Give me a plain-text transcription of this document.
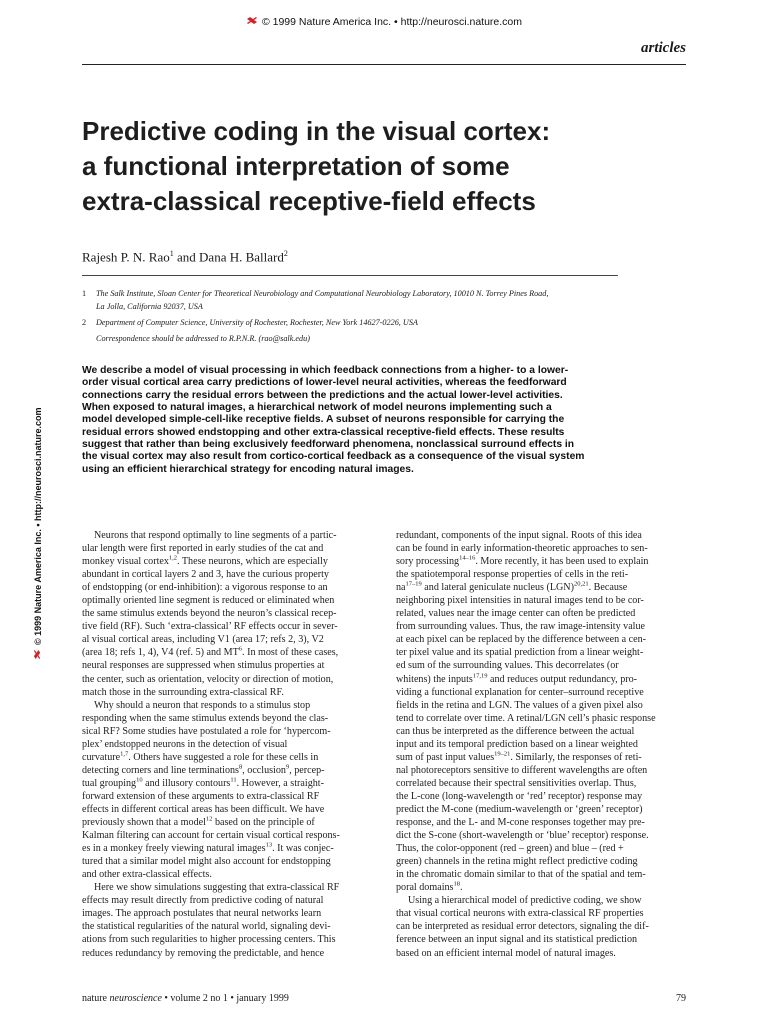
© 1999 Nature America Inc. • http://neurosci.nature.com
articles
Predictive coding in the visual cortex:
a functional interpretation of some
extra-classical receptive-field effects
Rajesh P. N. Rao$^1$ and Dana H. Ballard$^2$
1 The Salk Institute, Sloan Center for Theoretical Neurobiology and Computational Neurobiology Laboratory, 10010 N. Torrey Pines Road,
La Jolla, California 92037, USA
2 Department of Computer Science, University of Rochester, Rochester, New York 14627-0226, USA
Correspondence should be addressed to R.P.N.R. (rao@salk.edu)
We describe a model of visual processing in which feedback connections from a higher- to a lower-
order visual cortical area carry predictions of lower-level neural activities, whereas the feedforward
connections carry the residual errors between the predictions and the actual lower-level activities.
When exposed to natural images, a hierarchical network of model neurons implementing such a
model developed simple-cell-like receptive fields. A subset of neurons responsible for carrying the
residual errors showed endstopping and other extra-classical receptive-field effects. These results
suggest that rather than being exclusively feedforward phenomena, nonclassical surround effects in
the visual cortex may also result from cortico-cortical feedback as a consequence of the visual system
using an efficient hierarchical strategy for encoding natural images.
Neurons that respond optimally to line segments of a partic-
ular length were first reported in early studies of the cat and
monkey visual cortex$^{1,2}$. These neurons, which are especially
abundant in cortical layers 2 and 3, have the curious property
of endstopping (or end-inhibition): a vigorous response to an
optimally oriented line segment is reduced or eliminated when
the same stimulus extends beyond the neuron’s classical recep-
tive field (RF). Such ‘extra-classical’ RF effects occur in sever-
al visual cortical areas, including V1 (area 17; refs 2, 3), V2
(area 18; refs 1, 4), V4 (ref. 5) and $MT^6$. In most of these cases,
neural responses are suppressed when stimulus properties at
the center, such as orientation, velocity or direction of motion,
match those in the surrounding extra-classical RF.
Why should a neuron that responds to a stimulus stop
responding when the same stimulus extends beyond the clas-
sical RF? Some studies have postulated a role for ‘hypercom-
plex’ endstopped neurons in the detection of visual
curvature$^{1,7}$. Others have suggested a role for these cells in
detecting corners and line terminations$^8$, occlusion$^9$, percep-
tual grouping$^{10}$ and illusory contours$^{11}$. However, a straight-
forward extension of these arguments to extra-classical RF
effects in different cortical areas has been difficult. We have
previously shown that a model$^{12}$ based on the principle of
Kalman filtering can account for certain visual cortical respons-
es in a monkey freely viewing natural images$^{13}$. It was conjec-
tured that a similar model might also account for endstopping
and other extra-classical effects.
Here we show simulations suggesting that extra-classical RF
effects may result directly from predictive coding of natural
images. The approach postulates that neural networks learn
the statistical regularities of the natural world, signaling devi-
ations from such regularities to higher processing centers. This
reduces redundancy by removing the predictable, and hence
redundant, components of the input signal. Roots of this idea
can be found in early information-theoretic approaches to sen-
sory processing$^{14-16}$. More recently, it has been used to explain
the spatiotemporal response properties of cells in the reti-
$na^{17-19}$ and lateral geniculate nucleus (LGN)$^{20,21}$. Because
neighboring pixel intensities in natural images tend to be cor-
related, values near the image center can often be predicted
from surrounding values. Thus, the raw image-intensity value
at each pixel can be replaced by the difference between a cen-
ter pixel value and its spatial prediction from a linear weight-
ed sum of the surrounding values. This decorrelates (or
whitens) the inputs$^{17,19}$ and reduces output redundancy, pro-
viding a functional explanation for center–surround receptive
fields in the retina and LGN. The values of a given pixel also
tend to correlate over time. A retinal/LGN cell’s phasic response
can thus be interpreted as the difference between the actual
input and its temporal prediction based on a linear weighted
sum of past input values$^{19-21}$. Similarly, the responses of reti-
nal photoreceptors sensitive to different wavelengths are often
correlated because their spectral sensitivities overlap. Thus,
the L-cone (long-wavelength or ‘red’ receptor) response may
predict the M-cone (medium-wavelength or ‘green’ receptor)
response, and the L- and M-cone responses together may pre-
dict the S-cone (short-wavelength or ‘blue’ receptor) response.
Thus, the color-opponent (red – green) and blue – (red +
green) channels in the retina might reflect predictive coding
in the chromatic domain similar to that of the spatial and tem-
poral domains$^{18}$.
Using a hierarchical model of predictive coding, we show
that visual cortical neurons with extra-classical RF properties
can be interpreted as residual error detectors, signaling the dif-
ference between an input signal and its statistical prediction
based on an efficient internal model of natural images.
nature neuroscience • volume 2 no 1 • january 1999	79
© 1999 Nature America Inc. • http://neurosci.nature.com
